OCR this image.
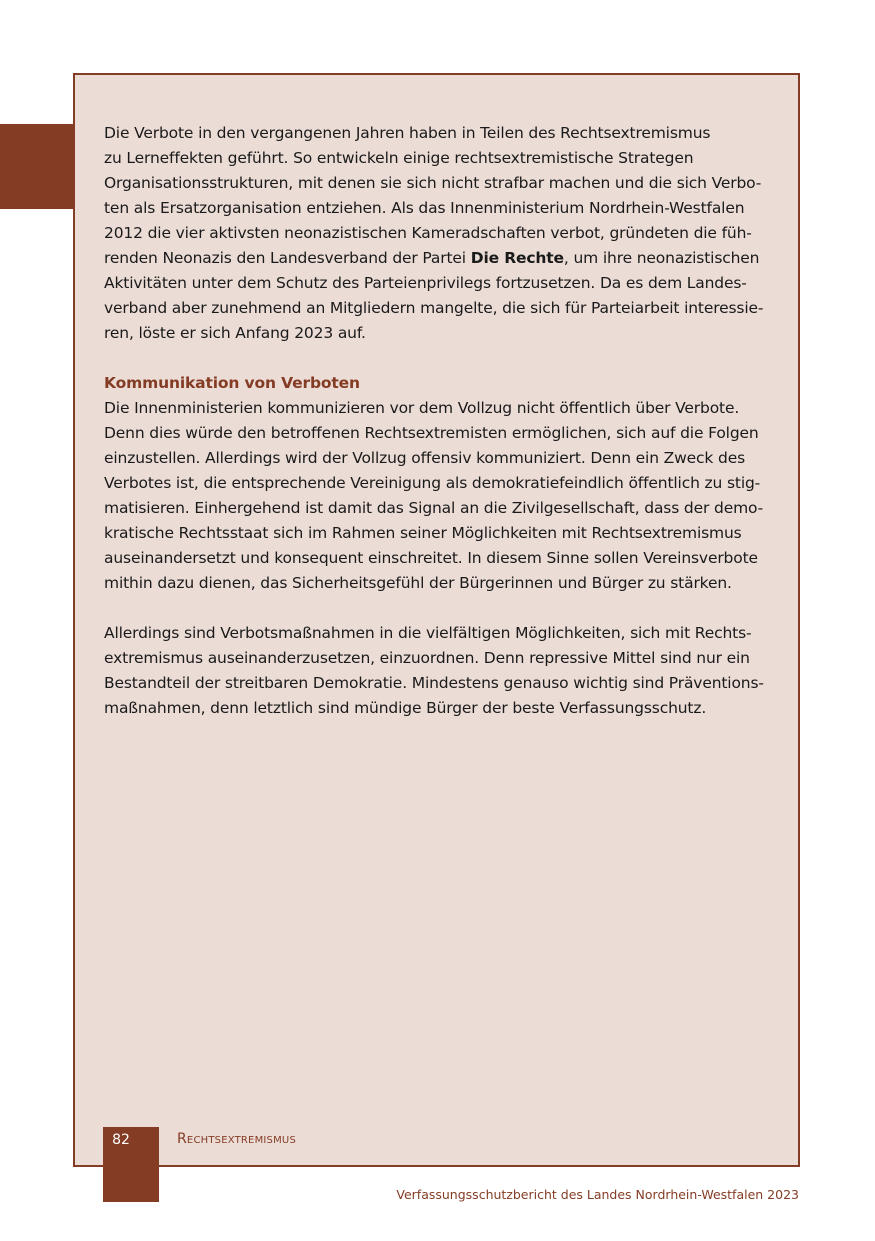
Die Verbote in den vergangenen Jahren haben in Teilen des Rechtsextremismus
zu Lerneffekten geführt. So entwickeln einige rechtsextremistische Strategen
Organisationsstrukturen, mit denen sie sich nicht strafbar machen und die sich Verbo-
ten als Ersatzorganisation entziehen. Als das Innenministerium Nordrhein-Westfalen
2012 die vier aktivsten neonazistischen Kameradschaften verbot, gründeten die füh-
renden Neonazis den Landesverband der Partei Die Rechte, um ihre neonazistischen
Aktivitäten unter dem Schutz des Parteienprivilegs fortzusetzen. Da es dem Landes-
verband aber zunehmend an Mitgliedern mangelte, die sich für Parteiarbeit interessie-
ren, löste er sich Anfang 2023 auf.
Kommunikation von Verboten
Die Innenministerien kommunizieren vor dem Vollzug nicht öffentlich über Verbote.
Denn dies würde den betroffenen Rechtsextremisten ermöglichen, sich auf die Folgen
einzustellen. Allerdings wird der Vollzug offensiv kommuniziert. Denn ein Zweck des
Verbotes ist, die entsprechende Vereinigung als demokratiefeindlich öffentlich zu stig-
matisieren. Einhergehend ist damit das Signal an die Zivilgesellschaft, dass der demo-
kratische Rechtsstaat sich im Rahmen seiner Möglichkeiten mit Rechtsextremismus
auseinandersetzt und konsequent einschreitet. In diesem Sinne sollen Vereinsverbote
mithin dazu dienen, das Sicherheitsgefühl der Bürgerinnen und Bürger zu stärken.
Allerdings sind Verbotsmaßnahmen in die vielfältigen Möglichkeiten, sich mit Rechts-
extremismus auseinanderzusetzen, einzuordnen. Denn repressive Mittel sind nur ein
Bestandteil der streitbaren Demokratie. Mindestens genauso wichtig sind Präventions-
maßnahmen, denn letztlich sind mündige Bürger der beste Verfassungsschutz.
82	Rechtsextremismus
Verfassungsschutzbericht des Landes Nordrhein-Westfalen 2023
